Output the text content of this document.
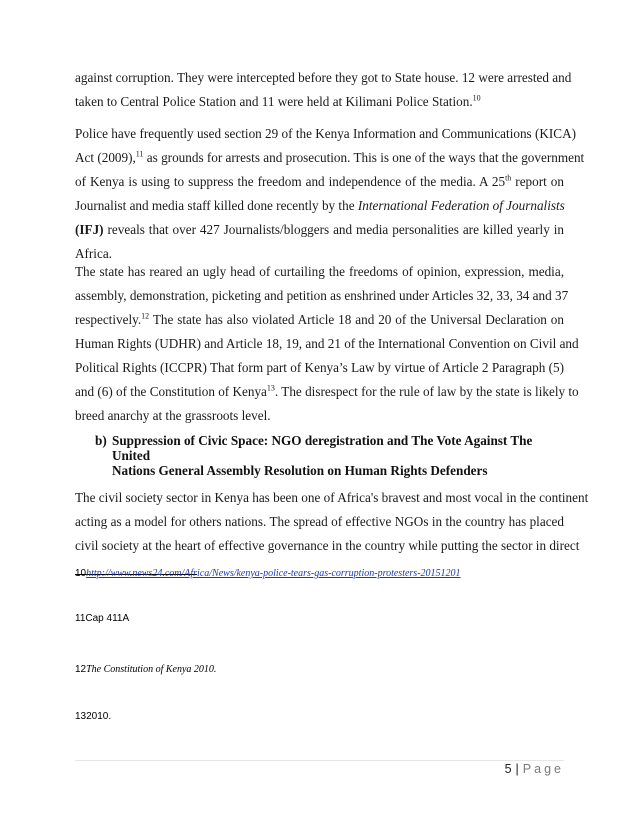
against corruption. They were intercepted before they got to State house. 12 were arrested and
taken to Central Police Station and 11 were held at Kilimani Police Station.$^{10}$
Police have frequently used section 29 of the Kenya Information and Communications (KICA)
Act (2009),$^{11}$ as grounds for arrests and prosecution. This is one of the ways that the government
of Kenya is using to suppress the freedom and independence of the media. A 25th report on
Journalist and media staff killed done recently by the International Federation of Journalists
(IFJ) reveals that over 427 Journalists/bloggers and media personalities are killed yearly in
Africa.
The state has reared an ugly head of curtailing the freedoms of opinion, expression, media,
assembly, demonstration, picketing and petition as enshrined under Articles 32, 33, 34 and 37
respectively.$^{12}$ The state has also violated Article 18 and 20 of the Universal Declaration on
Human Rights (UDHR) and Article 18, 19, and 21 of the International Convention on Civil and
Political Rights (ICCPR) That form part of Kenya’s Law by virtue of Article 2 Paragraph (5)
and (6) of the Constitution of Kenya$^{13}$. The disrespect for the rule of law by the state is likely to
breed anarchy at the grassroots level.
b) Suppression of Civic Space: NGO deregistration and The Vote Against The United
Nations General Assembly Resolution on Human Rights Defenders
The civil society sector in Kenya has been one of Africa's bravest and most vocal in the continent
acting as a model for others nations. The spread of effective NGOs in the country has placed
civil society at the heart of effective governance in the country while putting the sector in direct
10http://www.news24.com/Africa/News/kenya-police-tears-gas-corruption-protesters-20151201
11Cap 411A
12The Constitution of Kenya 2010.
132010.
5 | Page
